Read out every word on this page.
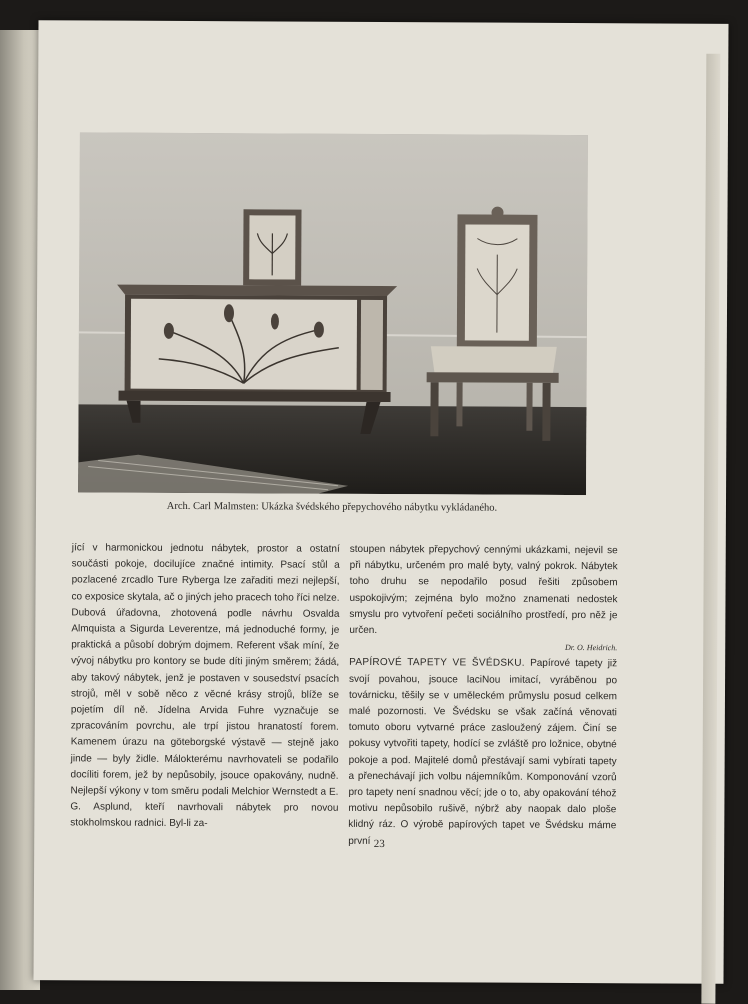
Arch. Carl Malmsten: Ukázka švédského přepychového nábytku vykládaného.

jící v harmonickou jednotu nábytek, prostor a ostatní součásti pokoje, docilujíce značné intimity. Psací stůl a pozlacené zrcadlo Ture Ryberga lze zařaditi mezi nejlepší, co exposice skytala, ač o jiných jeho pracech toho říci nelze. Dubová úřadovna, zhotovená podle návrhu Osvalda Almquista a Sigurda Leverentze, má jednoduché formy, je praktická a působí dobrým dojmem. Referent však míní, že vývoj nábytku pro kontory se bude díti jiným směrem; žádá, aby takový nábytek, jenž je postaven v sousedství psacích strojů, měl v sobě něco z věcné krásy strojů, blíže se pojetím díl ně. Jídelna Arvida Fuhre vyznačuje se zpracováním povrchu, ale trpí jistou hranatostí forem. Kamenem úrazu na göteborgské výstavě — stejně jako jinde — byly židle. Málokterému navrhovateli se podařilo docíliti forem, jež by nepůsobily, jsouce opakovány, nudně. Nejlepší výkony v tom směru podali Melchior Wernstedt a E. G. Asplund, kteří navrhovali nábytek pro novou stokholmskou radnici. Byl-li za-

stoupen nábytek přepychový cennými ukázkami, nejevil se při nábytku, určeném pro malé byty, valný pokrok. Nábytek toho druhu se nepodařilo posud řešiti způsobem uspokojivým; zejména bylo možno znamenati nedostek smyslu pro vytvoření pečeti sociálního prostředí, pro něž je určen.
Dr. O. Heidrich.

PAPÍROVÉ TAPETY VE ŠVÉDSKU. Papírové tapety již svojí povahou, jsouce laciNou imitací, vyráběnou po továrnicku, těšily se v uměleckém průmyslu posud celkem malé pozornosti. Ve Švédsku se však začíná věnovati tomuto oboru vytvarné práce zasloužený zájem. Činí se pokusy vytvořiti tapety, hodící se zvláště pro ložnice, obytné pokoje a pod. Majitelé domů přestávají sami vybírati tapety a přenechávají jich volbu nájemníkům. Komponování vzorů pro tapety není snadnou věcí; jde o to, aby opakování téhož motivu nepůsobilo rušivě, nýbrž aby naopak dalo ploše klidný ráz. O výrobě papírových tapet ve Švédsku máme první 23
